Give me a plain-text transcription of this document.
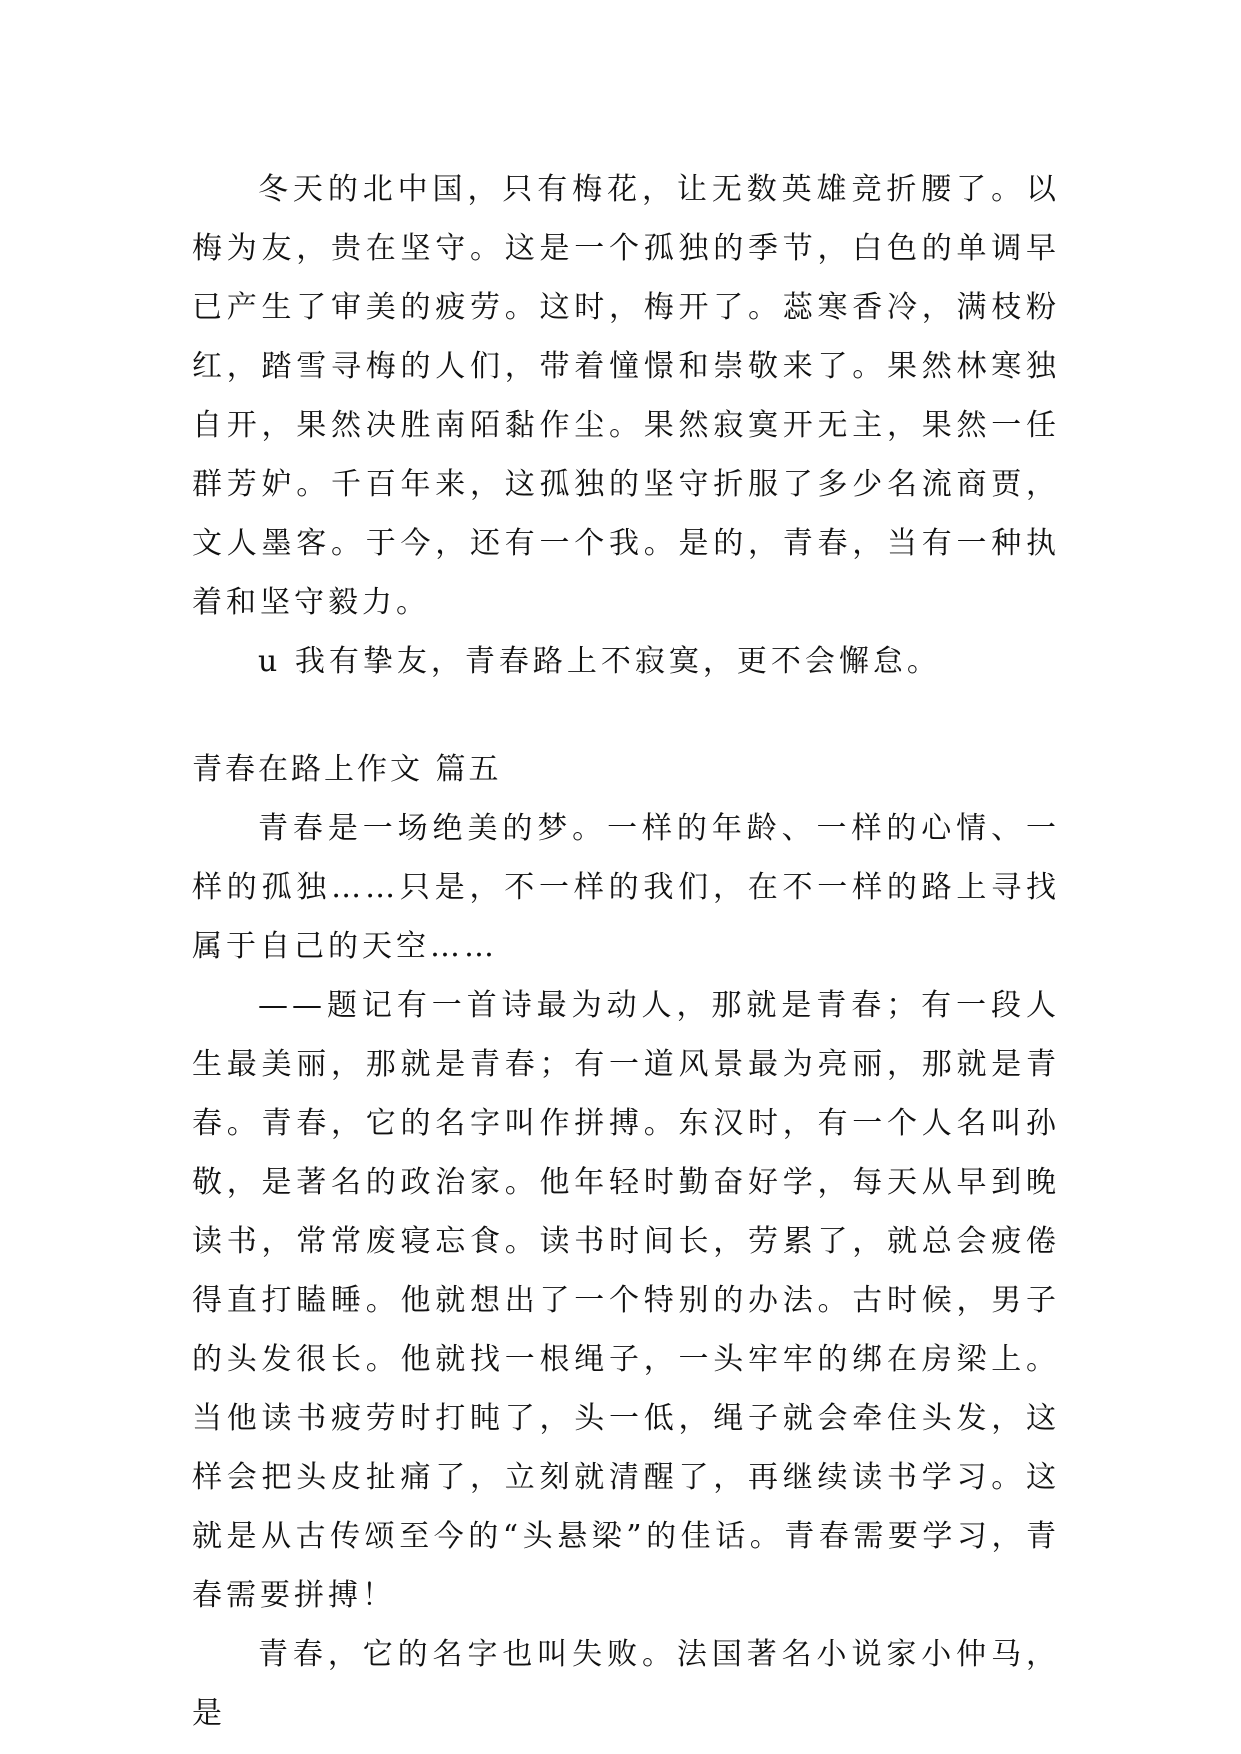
冬天的北中国，只有梅花，让无数英雄竞折腰了。以梅为友，贵在坚守。这是一个孤独的季节，白色的单调早已产生了审美的疲劳。这时，梅开了。蕊寒香冷，满枝粉红，踏雪寻梅的人们，带着憧憬和崇敬来了。果然林寒独自开，果然决胜南陌黏作尘。果然寂寞开无主，果然一任群芳妒。千百年来，这孤独的坚守折服了多少名流商贾，文人墨客。于今，还有一个我。是的，青春，当有一种执着和坚守毅力。

u 我有挚友，青春路上不寂寞，更不会懈怠。

青春在路上作文 篇五

青春是一场绝美的梦。一样的年龄、一样的心情、一样的孤独……只是，不一样的我们，在不一样的路上寻找属于自己的天空……

——题记有一首诗最为动人，那就是青春；有一段人生最美丽，那就是青春；有一道风景最为亮丽，那就是青春。青春，它的名字叫作拼搏。东汉时，有一个人名叫孙敬，是著名的政治家。他年轻时勤奋好学，每天从早到晚读书，常常废寝忘食。读书时间长，劳累了，就总会疲倦得直打瞌睡。他就想出了一个特别的办法。古时候，男子的头发很长。他就找一根绳子，一头牢牢的绑在房梁上。当他读书疲劳时打盹了，头一低，绳子就会牵住头发，这样会把头皮扯痛了，立刻就清醒了，再继续读书学习。这就是从古传颂至今的“头悬梁”的佳话。青春需要学习，青春需要拼搏！

青春，它的名字也叫失败。法国著名小说家小仲马，是
